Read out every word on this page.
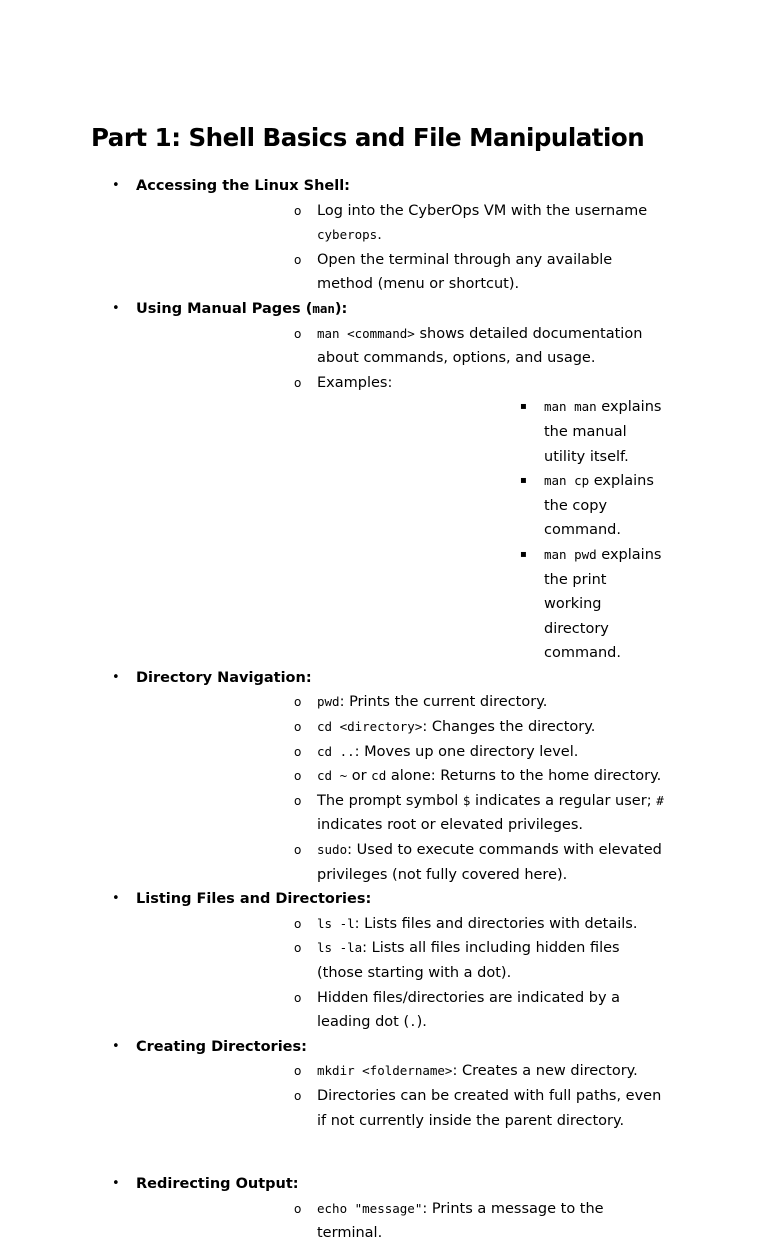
Part 1: Shell Basics and File Manipulation
• Accessing the Linux Shell:
o Log into the CyberOps VM with the username cyberops.
o Open the terminal through any available method (menu or shortcut).
• Using Manual Pages (man):
o man <command> shows detailed documentation about commands, options, and usage.
o Examples:
▪ man man explains the manual utility itself.
▪ man cp explains the copy command.
▪ man pwd explains the print working directory command.
• Directory Navigation:
o pwd: Prints the current directory.
o cd <directory>: Changes the directory.
o cd ..: Moves up one directory level.
o cd ~ or cd alone: Returns to the home directory.
o The prompt symbol $ indicates a regular user; # indicates root or elevated privileges.
o sudo: Used to execute commands with elevated privileges (not fully covered here).
• Listing Files and Directories:
o ls -l: Lists files and directories with details.
o ls -la: Lists all files including hidden files (those starting with a dot).
o Hidden files/directories are indicated by a leading dot (.).
• Creating Directories:
o mkdir <foldername>: Creates a new directory.
o Directories can be created with full paths, even if not currently inside the parent directory.
• Redirecting Output:
o echo "message": Prints a message to the terminal.
